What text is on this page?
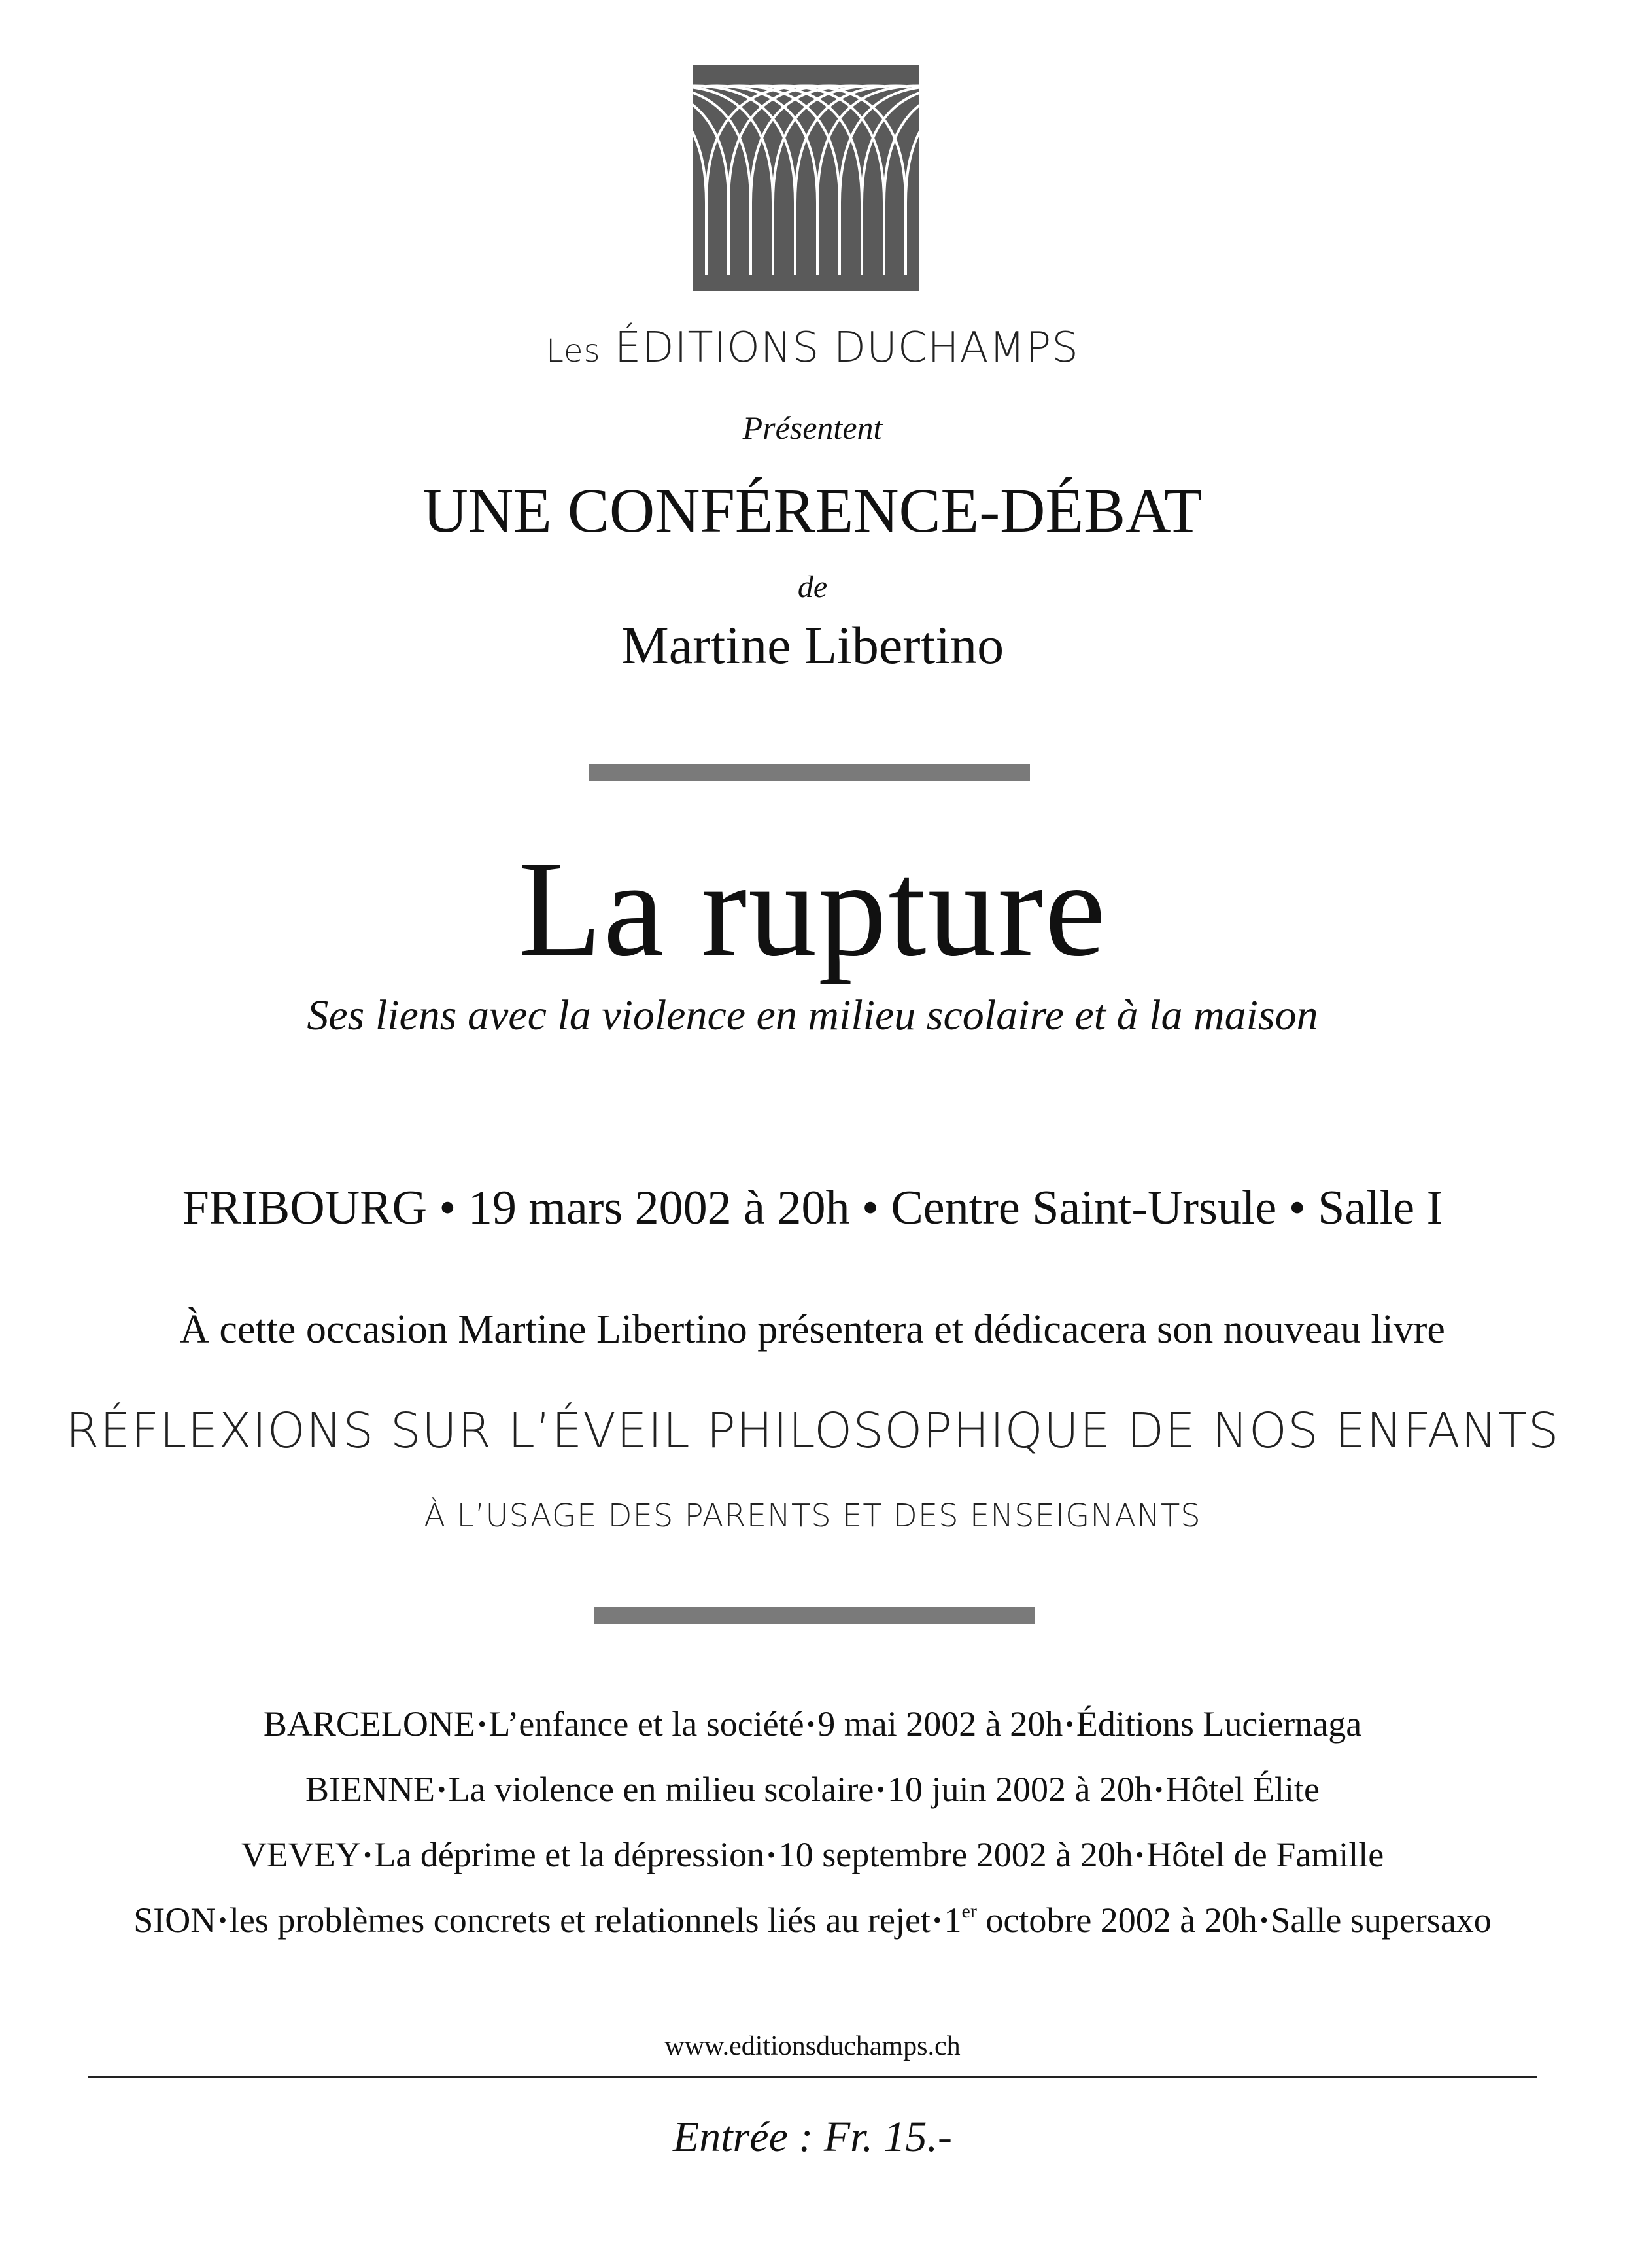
Les ÉDITIONS DUCHAMPS
Présentent
UNE CONFÉRENCE-DÉBAT
de
Martine Libertino
La rupture
Ses liens avec la violence en milieu scolaire et à la maison
FRIBOURG • 19 mars 2002 à 20h • Centre Saint-Ursule • Salle I
À cette occasion Martine Libertino présentera et dédicacera son nouveau livre
RÉFLEXIONS SUR L’ÉVEIL PHILOSOPHIQUE DE NOS ENFANTS
À L’USAGE DES PARENTS ET DES ENSEIGNANTS
BARCELONE •L’enfance et la société •9 mai 2002 à 20h •Éditions Luciernaga
BIENNE •La violence en milieu scolaire •10 juin 2002 à 20h •Hôtel Élite
VEVEY •La déprime et la dépression •10 septembre 2002 à 20h •Hôtel de Famille
SION •les problèmes concrets et relationnels liés au rejet •1er octobre 2002 à 20h •Salle supersaxo
www.editionsduchamps.ch
Entrée : Fr. 15.-
